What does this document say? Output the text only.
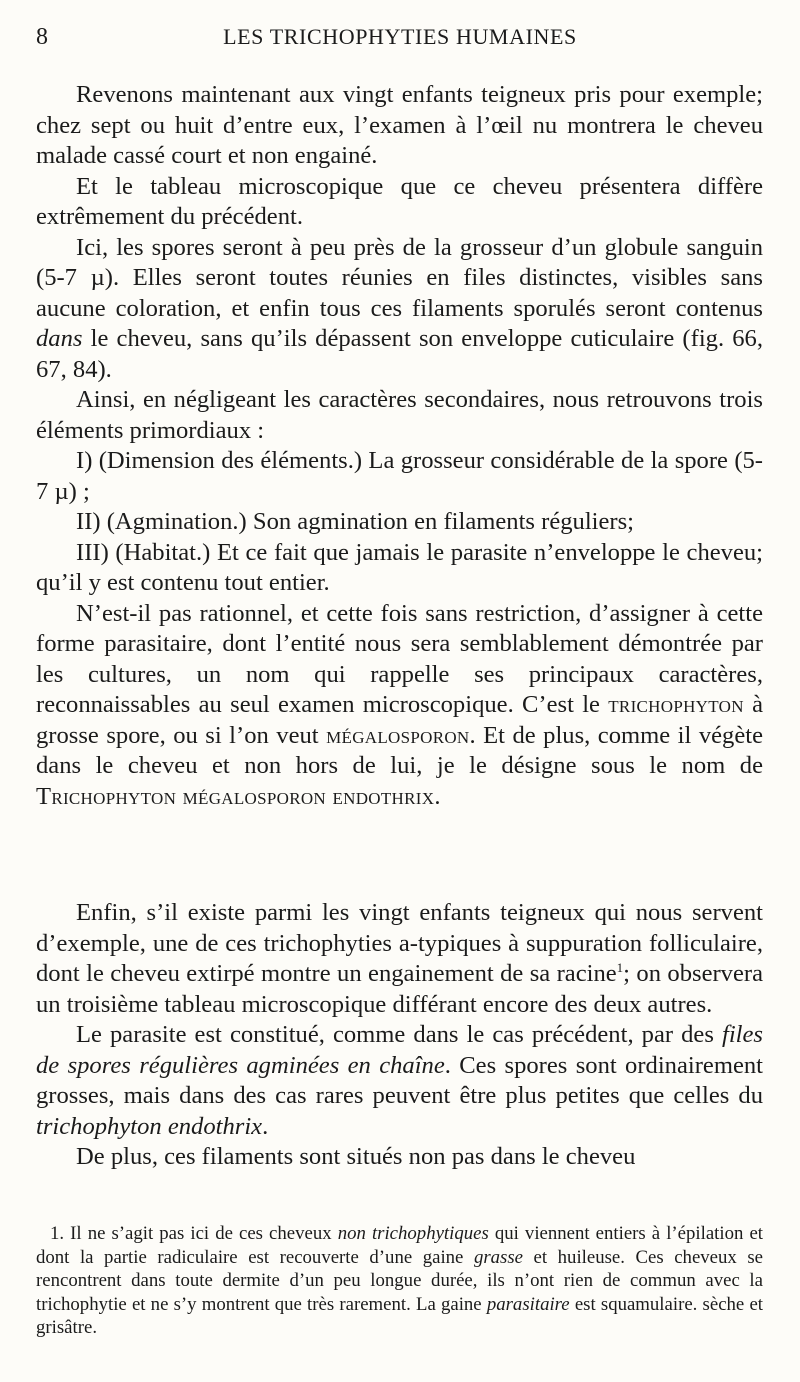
8	LES TRICHOPHYTIES HUMAINES

Revenons maintenant aux vingt enfants teigneux pris pour exemple; chez sept ou huit d’entre eux, l’examen à l’œil nu montrera le cheveu malade cassé court et non engainé.

Et le tableau microscopique que ce cheveu présentera diffère extrêmement du précédent.

Ici, les spores seront à peu près de la grosseur d’un globule sanguin (5-7 µ). Elles seront toutes réunies en files distinctes, visibles sans aucune coloration, et enfin tous ces filaments sporulés seront contenus dans le cheveu, sans qu’ils dépassent son enveloppe cuticulaire (fig. 66, 67, 84).

Ainsi, en négligeant les caractères secondaires, nous retrouvons trois éléments primordiaux :

I) (Dimension des éléments.) La grosseur considérable de la spore (5-7 µ) ;

II) (Agmination.) Son agmination en filaments réguliers;

III) (Habitat.) Et ce fait que jamais le parasite n’enveloppe le cheveu; qu’il y est contenu tout entier.

N’est-il pas rationnel, et cette fois sans restriction, d’assigner à cette forme parasitaire, dont l’entité nous sera semblablement démontrée par les cultures, un nom qui rappelle ses principaux caractères, reconnaissables au seul examen microscopique. C’est le trichophyton à grosse spore, ou si l’on veut mégalosporon. Et de plus, comme il végète dans le cheveu et non hors de lui, je le désigne sous le nom de Trichophyton mégalosporon endothrix.

Enfin, s’il existe parmi les vingt enfants teigneux qui nous servent d’exemple, une de ces trichophyties a-typiques à suppuration folliculaire, dont le cheveu extirpé montre un engainement de sa racine$^1$; on observera un troisième tableau microscopique différant encore des deux autres.

Le parasite est constitué, comme dans le cas précédent, par des files de spores régulières agminées en chaîne. Ces spores sont ordinairement grosses, mais dans des cas rares peuvent être plus petites que celles du trichophyton endothrix.

De plus, ces filaments sont situés non pas dans le cheveu

1. Il ne s’agit pas ici de ces cheveux non trichophytiques qui viennent entiers à l’épilation et dont la partie radiculaire est recouverte d’une gaine grasse et huileuse. Ces cheveux se rencontrent dans toute dermite d’un peu longue durée, ils n’ont rien de commun avec la trichophytie et ne s’y montrent que très rarement. La gaine parasitaire est squamulaire. sèche et grisâtre.
